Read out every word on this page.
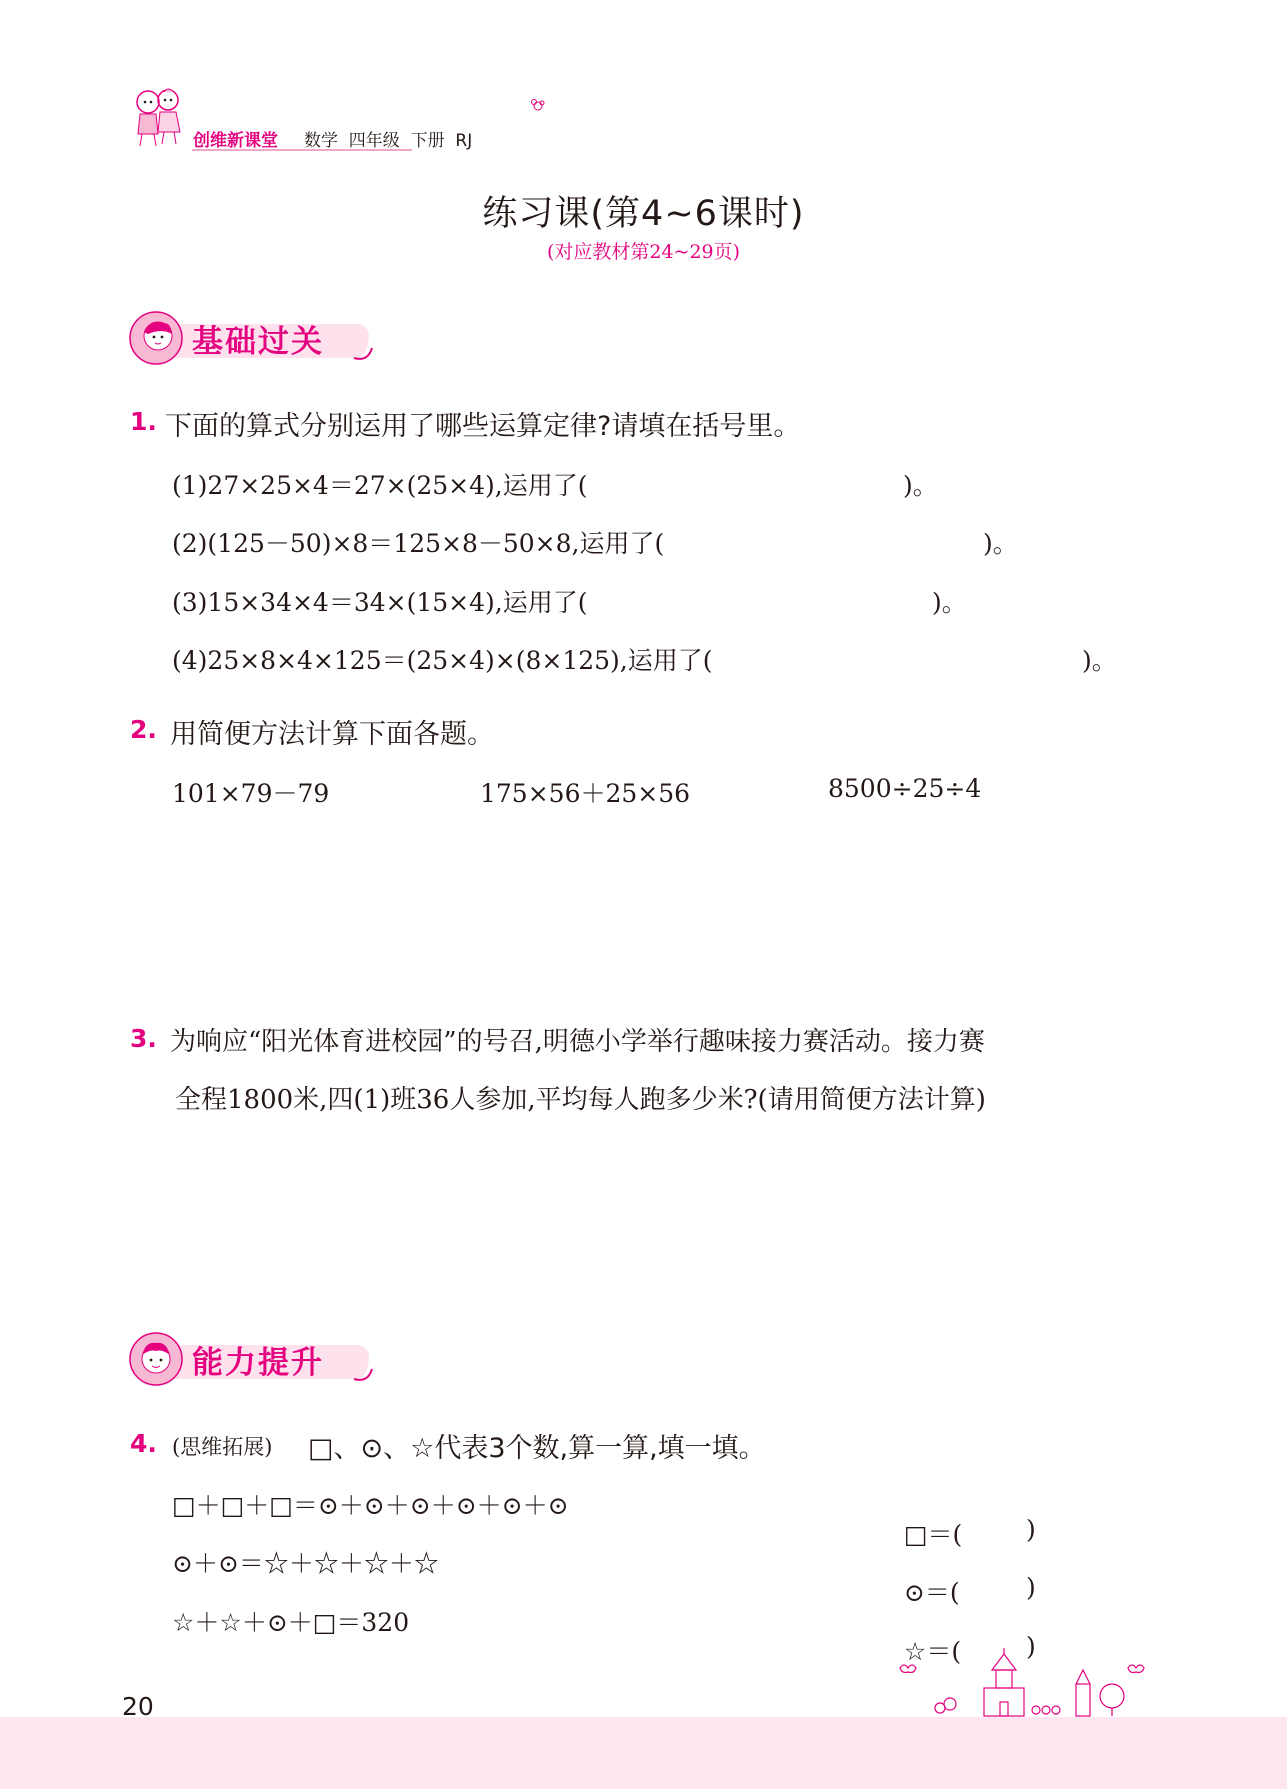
创维新课堂 数学  四年级  下册  RJ
练习课(第4~6课时)
(对应教材第24~29页)
基础过关
1. 下面的算式分别运用了哪些运算定律?请填在括号里。
(1)27×25×4＝27×(25×4),运用了(	)。
(2)(125－50)×8＝125×8－50×8,运用了(	)。
(3)15×34×4＝34×(15×4),运用了(	)。
(4)25×8×4×125＝(25×4)×(8×125),运用了(	)。
2. 用简便方法计算下面各题。
101×79－79	175×56＋25×56	8500÷25÷4
3. 为响应“阳光体育进校园”的号召,明德小学举行趣味接力赛活动。接力赛
全程1800米,四(1)班36人参加,平均每人跑多少米?(请用简便方法计算)
能力提升
4. (思维拓展) □、⊙、☆代表3个数,算一算,填一填。
□＋□＋□＝⊙＋⊙＋⊙＋⊙＋⊙＋⊙
⊙＋⊙＝☆＋☆＋☆＋☆
☆＋☆＋⊙＋□＝320

□＝(	)

⊙＝(	)

☆＝(	)

20
